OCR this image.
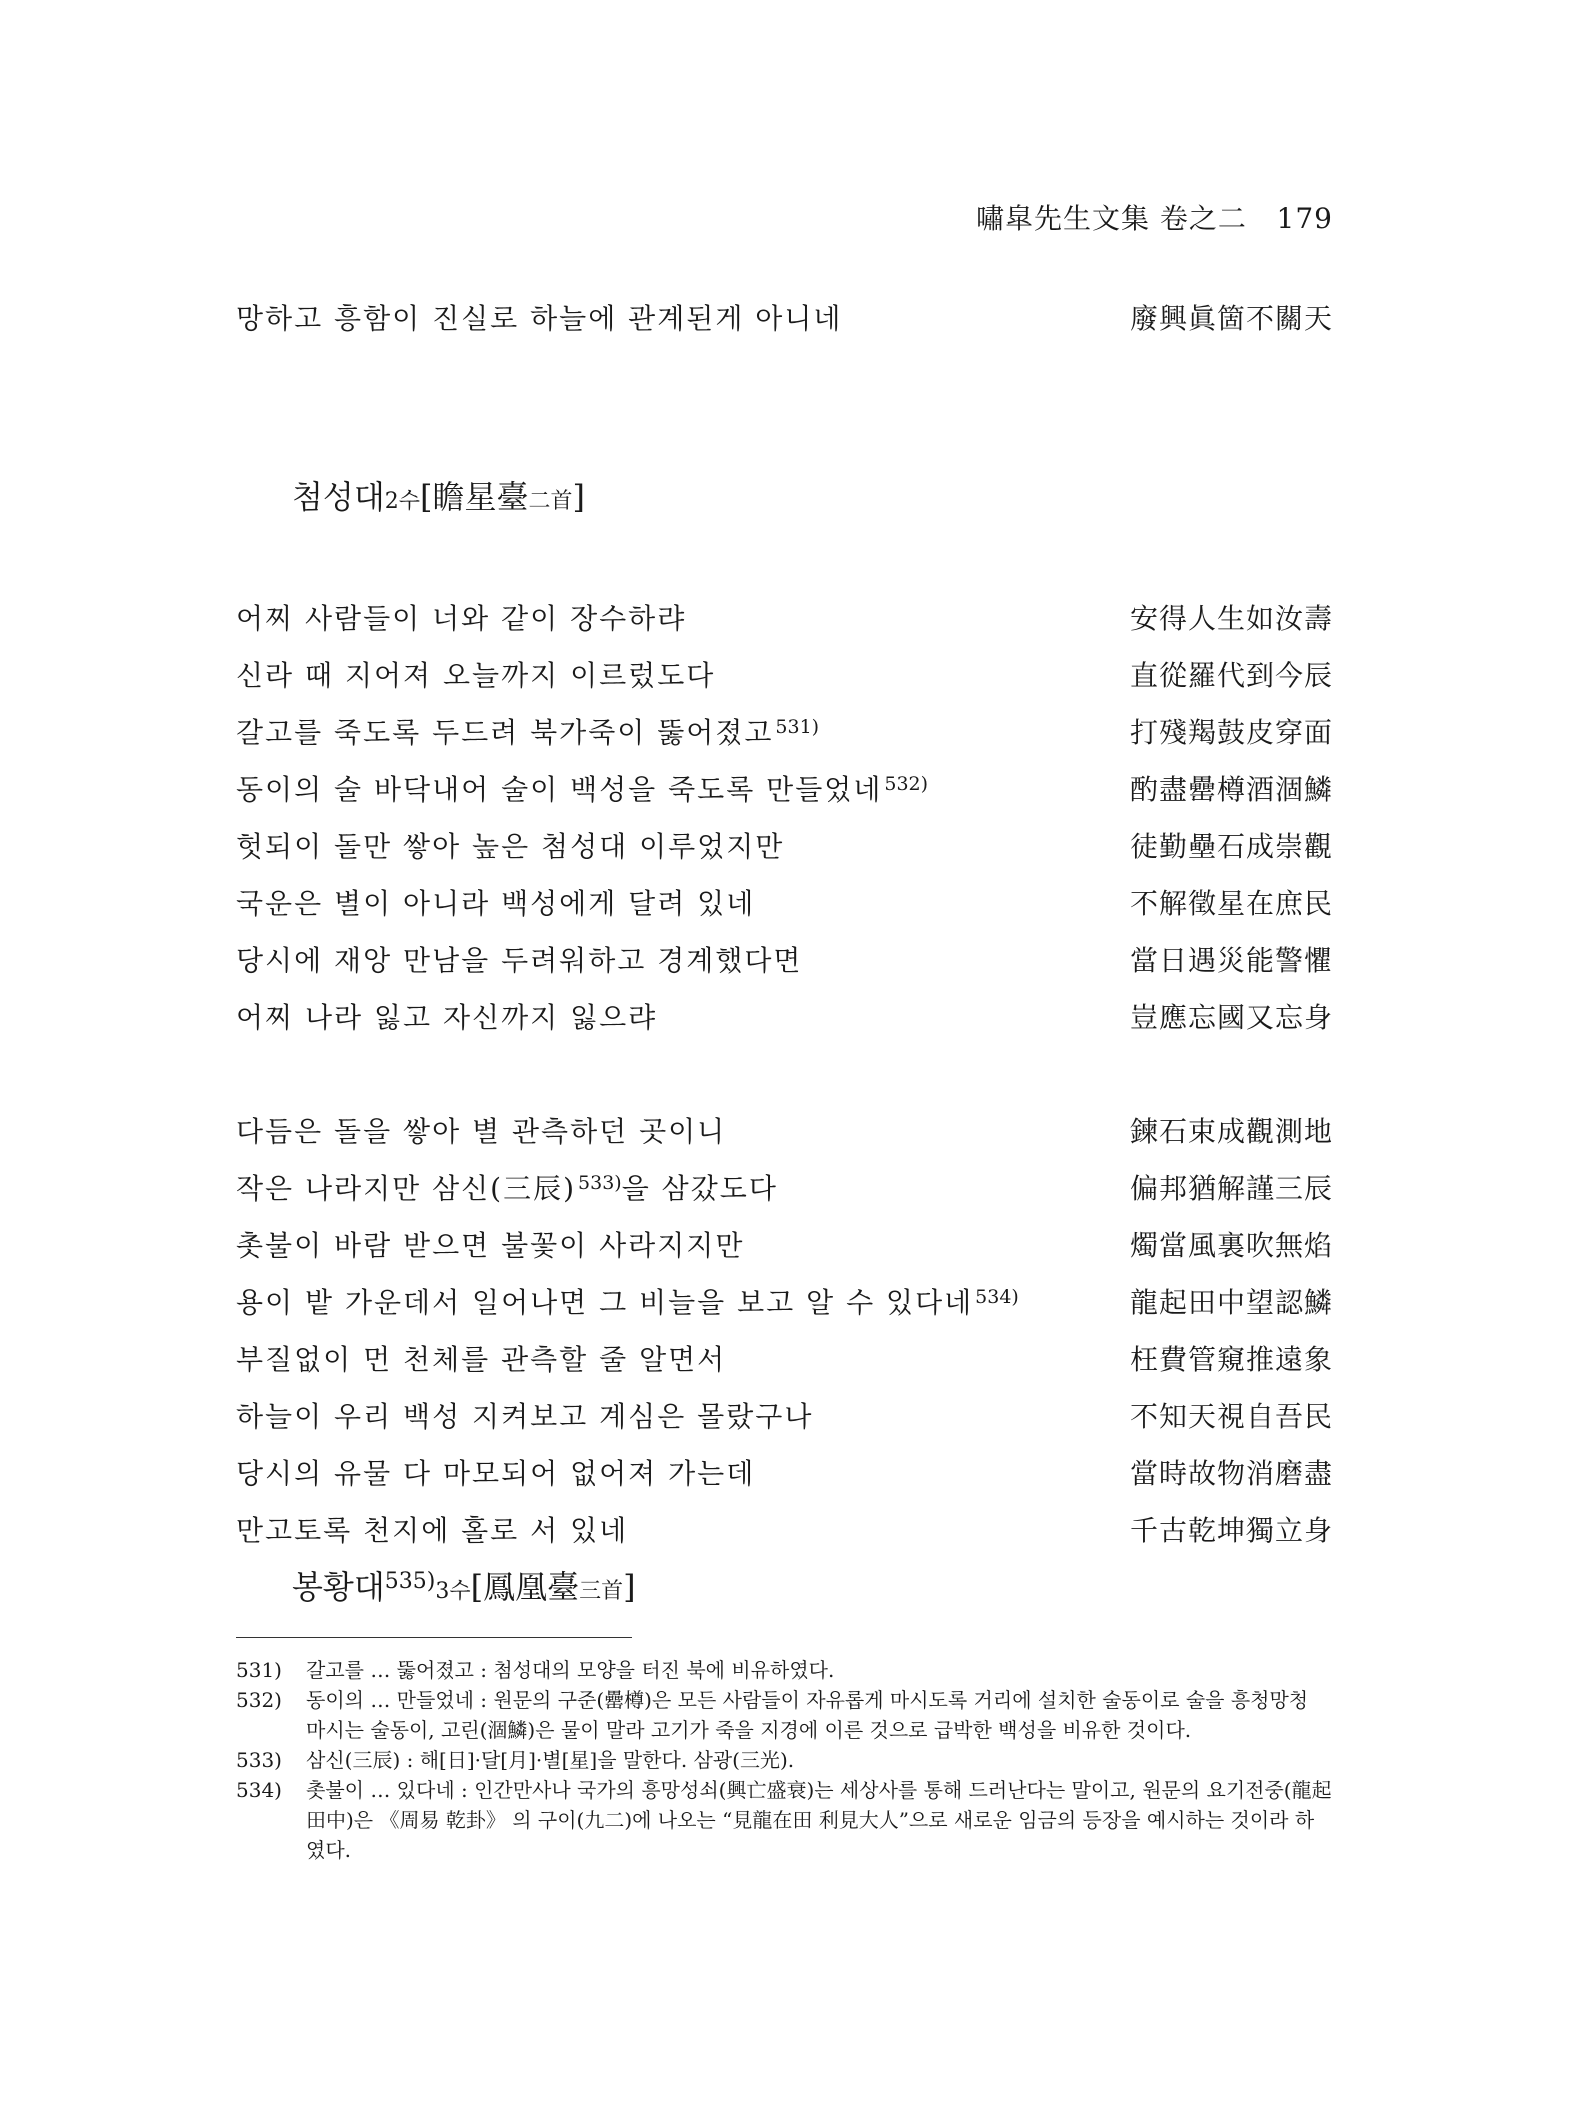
嘯皐先生文集 卷之二 179
망하고 흥함이 진실로 하늘에 관계된게 아니네	廢興眞箇不關天
첨성대2수[瞻星臺二首]
어찌 사람들이 너와 같이 장수하랴	安得人生如汝壽
신라 때 지어져 오늘까지 이르렀도다	直從羅代到今辰
갈고를 죽도록 두드려 북가죽이 뚫어졌고 $^{531)}$	打殘羯鼓皮穿面
동이의 술 바닥내어 술이 백성을 죽도록 만들었네 $^{532)}$	酌盡罍樽酒涸鱗
헛되이 돌만 쌓아 높은 첨성대 이루었지만	徒勤壘石成崇觀
국운은 별이 아니라 백성에게 달려 있네	不解徵星在庶民
당시에 재앙 만남을 두려워하고 경계했다면	當日遇災能警懼
어찌 나라 잃고 자신까지 잃으랴	豈應忘國又忘身
다듬은 돌을 쌓아 별 관측하던 곳이니	鍊石束成觀測地
작은 나라지만 삼신(三辰) $^{533)}$을 삼갔도다	偏邦猶解謹三辰
촛불이 바람 받으면 불꽃이 사라지지만	燭當風裏吹無焰
용이 밭 가운데서 일어나면 그 비늘을 보고 알 수 있다네 $^{534)}$	龍起田中望認鱗
부질없이 먼 천체를 관측할 줄 알면서	枉費管窺推遠象
하늘이 우리 백성 지켜보고 계심은 몰랐구나	不知天視自吾民
당시의 유물 다 마모되어 없어져 가는데	當時故物消磨盡
만고토록 천지에 홀로 서 있네	千古乾坤獨立身
봉황대$^{535)}$3수[鳳凰臺三首]
531) 갈고를 … 뚫어졌고 : 첨성대의 모양을 터진 북에 비유하였다.
532) 동이의 … 만들었네 : 원문의 구준(罍樽)은 모든 사람들이 자유롭게 마시도록 거리에 설치한 술동이로 술을 흥청망청 마시는 술동이, 고린(涸鱗)은 물이 말라 고기가 죽을 지경에 이른 것으로 급박한 백성을 비유한 것이다.
533) 삼신(三辰) : 해[日]·달[月]·별[星]을 말한다. 삼광(三光).
534) 촛불이 … 있다네 : 인간만사나 국가의 흥망성쇠(興亡盛衰)는 세상사를 통해 드러난다는 말이고, 원문의 요기전중(龍起田中)은 《周易 乾卦》 의 구이(九二)에 나오는 “見龍在田 利見大人”으로 새로운 임금의 등장을 예시하는 것이라 하였다.
